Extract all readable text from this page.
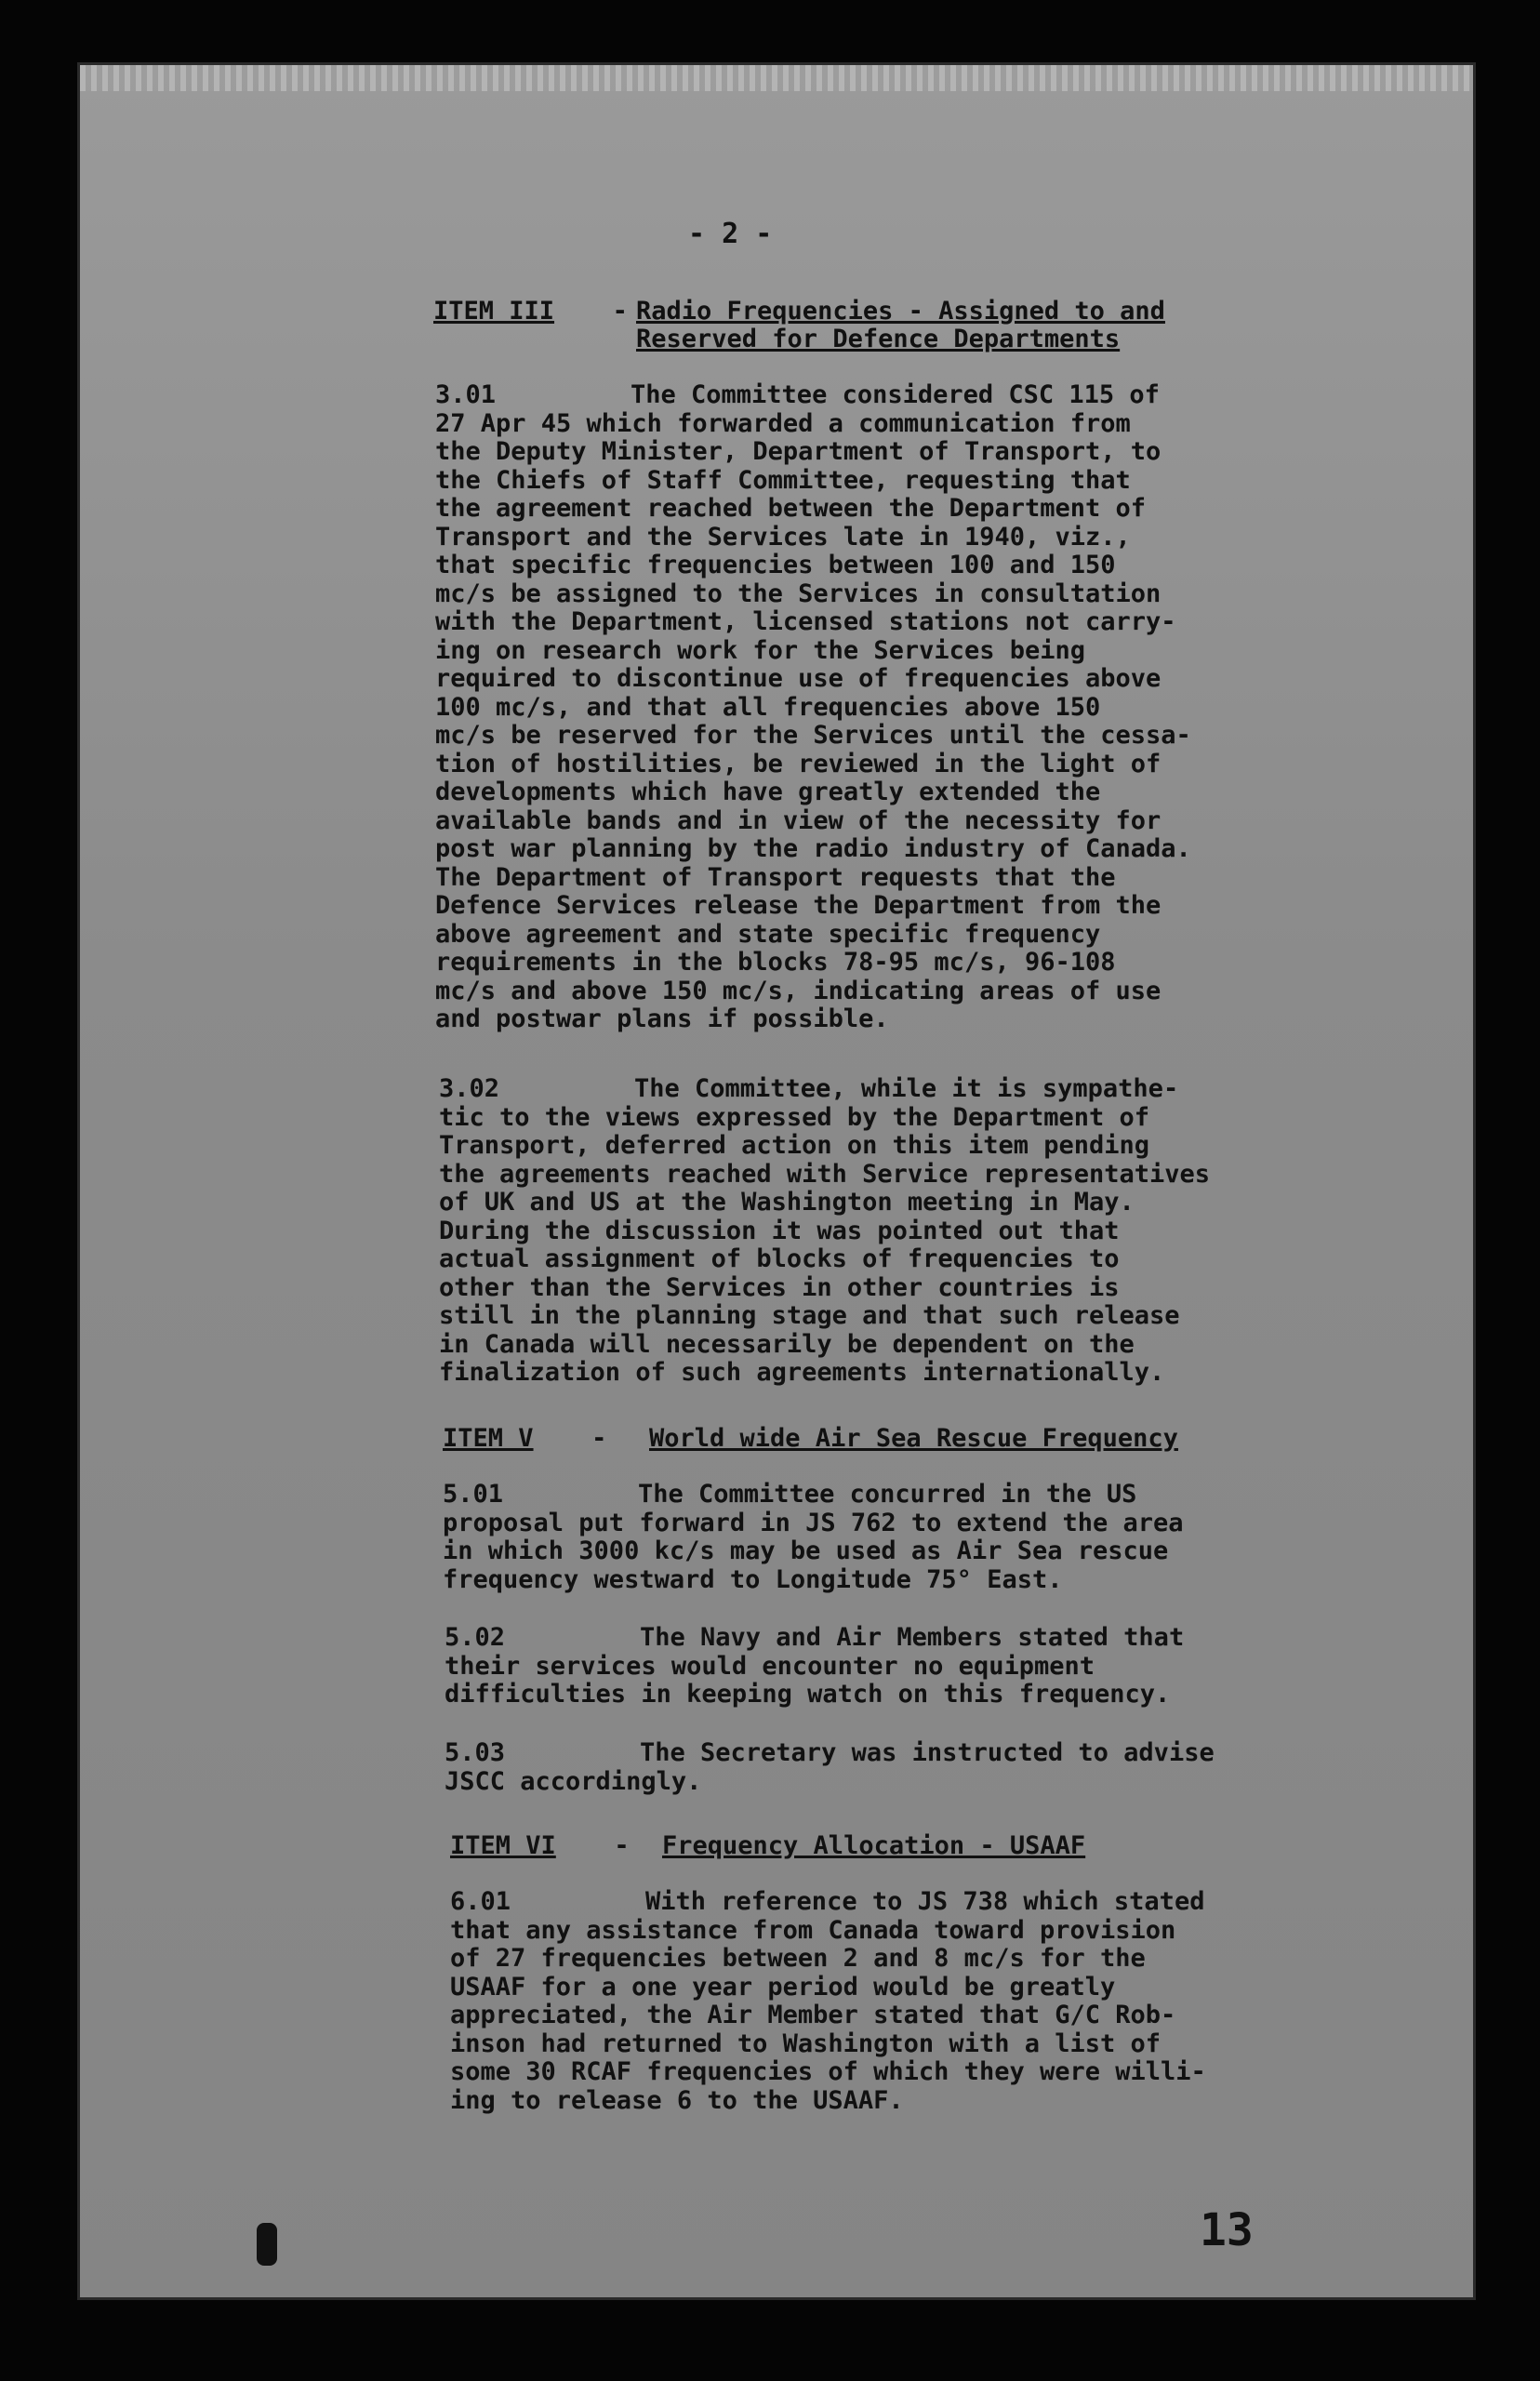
- 2 -
ITEM III - Radio Frequencies - Assigned to and
Reserved for Defence Departments
3.01	The Committee considered CSC 115 of
27 Apr 45 which forwarded a communication from
the Deputy Minister, Department of Transport, to
the Chiefs of Staff Committee, requesting that
the agreement reached between the Department of
Transport and the Services late in 1940, viz.,
that specific frequencies between 100 and 150
mc/s be assigned to the Services in consultation
with the Department, licensed stations not carry-
ing on research work for the Services being
required to discontinue use of frequencies above
100 mc/s, and that all frequencies above 150
mc/s be reserved for the Services until the cessa-
tion of hostilities, be reviewed in the light of
developments which have greatly extended the
available bands and in view of the necessity for
post war planning by the radio industry of Canada.
The Department of Transport requests that the
Defence Services release the Department from the
above agreement and state specific frequency
requirements in the blocks 78-95 mc/s, 96-108
mc/s and above 150 mc/s, indicating areas of use
and postwar plans if possible.
3.02	The Committee, while it is sympathe-
tic to the views expressed by the Department of
Transport, deferred action on this item pending
the agreements reached with Service representatives
of UK and US at the Washington meeting in May.
During the discussion it was pointed out that
actual assignment of blocks of frequencies to
other than the Services in other countries is
still in the planning stage and that such release
in Canada will necessarily be dependent on the
finalization of such agreements internationally.
ITEM V - World wide Air Sea Rescue Frequency
5.01	The Committee concurred in the US
proposal put forward in JS 762 to extend the area
in which 3000 kc/s may be used as Air Sea rescue
frequency westward to Longitude 75° East.
5.02	The Navy and Air Members stated that
their services would encounter no equipment
difficulties in keeping watch on this frequency.
5.03	The Secretary was instructed to advise
JSCC accordingly.
ITEM VI - Frequency Allocation - USAAF
6.01	With reference to JS 738 which stated
that any assistance from Canada toward provision
of 27 frequencies between 2 and 8 mc/s for the
USAAF for a one year period would be greatly
appreciated, the Air Member stated that G/C Rob-
inson had returned to Washington with a list of
some 30 RCAF frequencies of which they were willi-
ing to release 6 to the USAAF.
13
